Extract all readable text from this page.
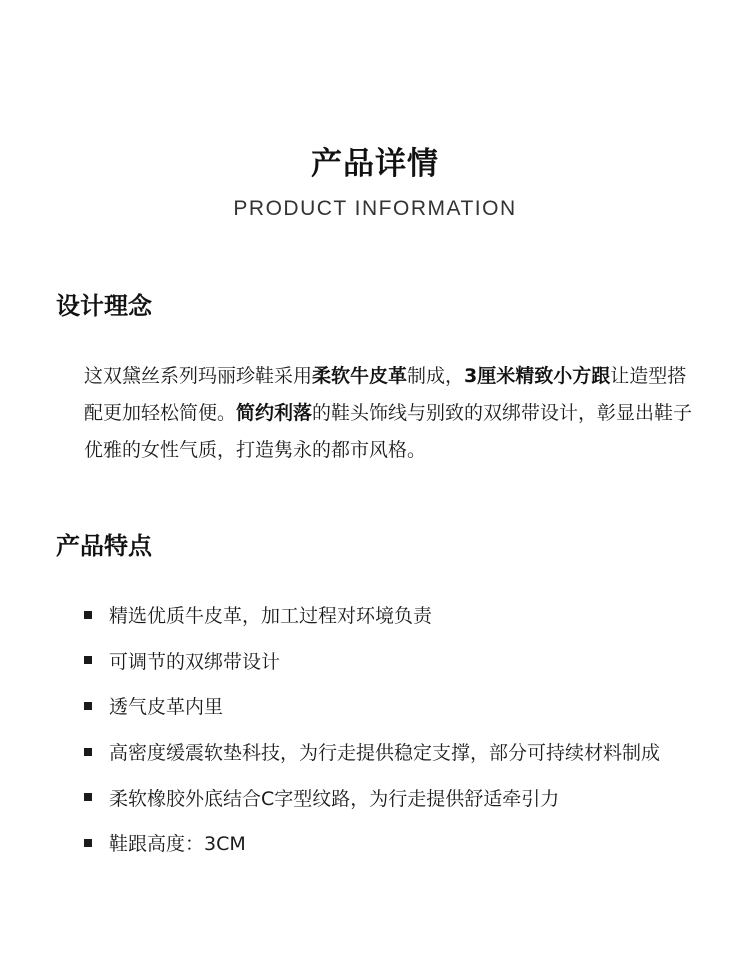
产品详情
PRODUCT INFORMATION
设计理念
这双黛丝系列玛丽珍鞋采用柔软牛皮革制成，3厘米精致小方跟让造型搭配更加轻松简便。简约利落的鞋头饰线与别致的双绑带设计，彰显出鞋子优雅的女性气质，打造隽永的都市风格。
产品特点
精选优质牛皮革，加工过程对环境负责
可调节的双绑带设计
透气皮革内里
高密度缓震软垫科技，为行走提供稳定支撑，部分可持续材料制成
柔软橡胶外底结合C字型纹路，为行走提供舒适牵引力
鞋跟高度：3CM
